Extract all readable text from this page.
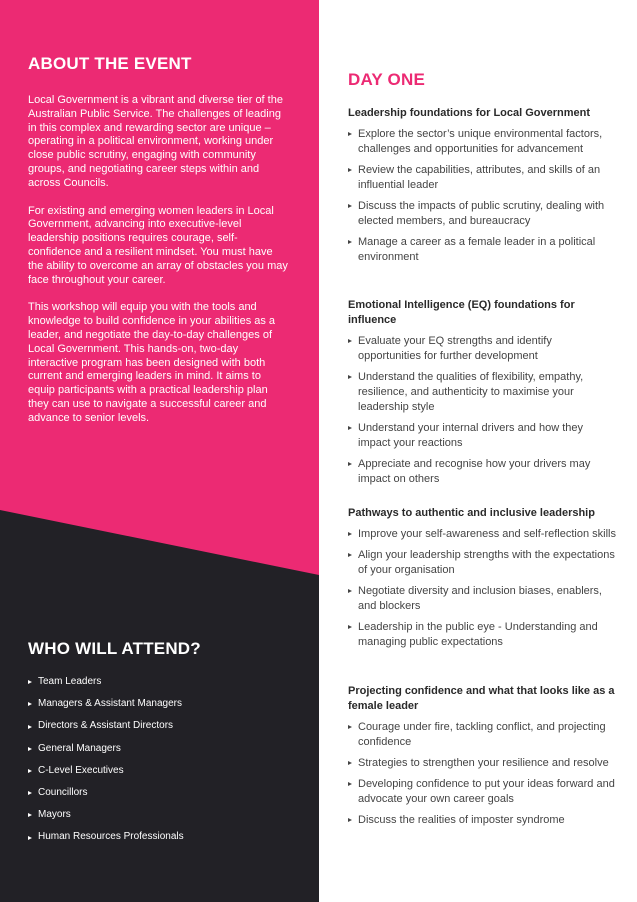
ABOUT THE EVENT

Local Government is a vibrant and diverse tier of the Australian Public Service. The challenges of leading in this complex and rewarding sector are unique – operating in a political environment, working under close public scrutiny, engaging with community groups, and negotiating career steps within and across Councils.

For existing and emerging women leaders in Local Government, advancing into executive-level leadership positions requires courage, self-confidence and a resilient mindset. You must have the ability to overcome an array of obstacles you may face throughout your career.

This workshop will equip you with the tools and knowledge to build confidence in your abilities as a leader, and negotiate the day-to-day challenges of Local Government. This hands-on, two-day interactive program has been designed with both current and emerging leaders in mind. It aims to equip participants with a practical leadership plan they can use to navigate a successful career and advance to senior levels.

WHO WILL ATTEND?
Team Leaders
Managers & Assistant Managers
Directors & Assistant Directors
General Managers
C-Level Executives
Councillors
Mayors
Human Resources Professionals
DAY ONE
Leadership foundations for Local Government
Explore the sector’s unique environmental factors, challenges and opportunities for advancement
Review the capabilities, attributes, and skills of an influential leader
Discuss the impacts of public scrutiny, dealing with elected members, and bureaucracy
Manage a career as a female leader in a political environment
Emotional Intelligence (EQ) foundations for influence
Evaluate your EQ strengths and identify opportunities for further development
Understand the qualities of flexibility, empathy, resilience, and authenticity to maximise your leadership style
Understand your internal drivers and how they impact your reactions
Appreciate and recognise how your drivers may impact on others
Pathways to authentic and inclusive leadership
Improve your self-awareness and self-reflection skills
Align your leadership strengths with the expectations of your organisation
Negotiate diversity and inclusion biases, enablers, and blockers
Leadership in the public eye - Understanding and managing public expectations
Projecting confidence and what that looks like as a female leader
Courage under fire, tackling conflict, and projecting confidence
Strategies to strengthen your resilience and resolve
Developing confidence to put your ideas forward and advocate your own career goals
Discuss the realities of imposter syndrome
